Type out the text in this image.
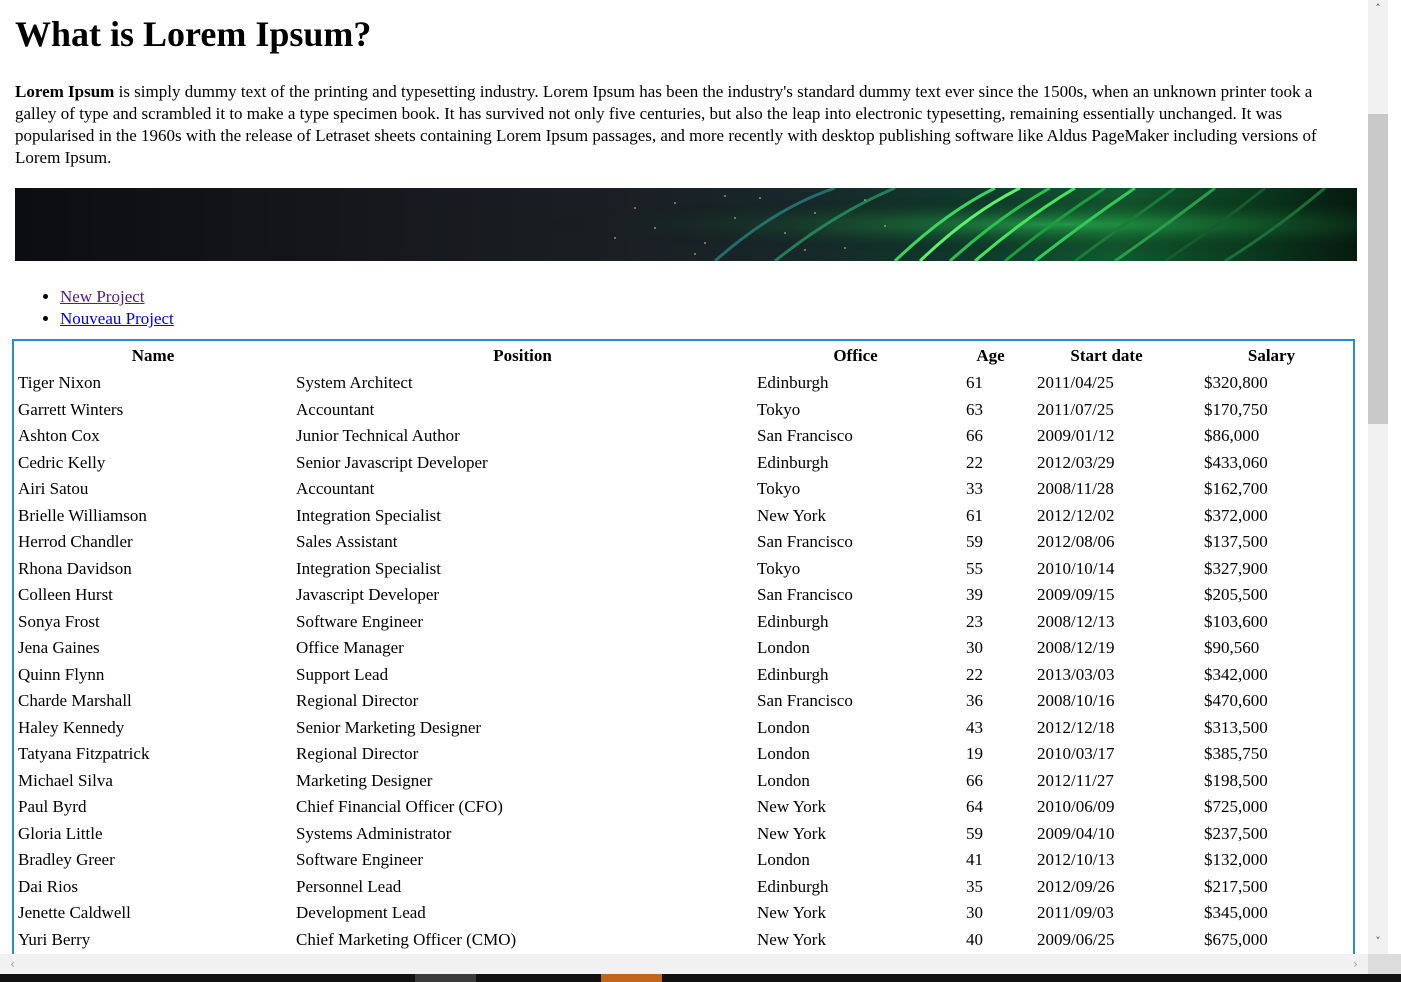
What is Lorem Ipsum?

Lorem Ipsum is simply dummy text of the printing and typesetting industry. Lorem Ipsum has been the industry's standard dummy text ever since the 1500s, when an unknown printer took a galley of type and scrambled it to make a type specimen book. It has survived not only five centuries, but also the leap into electronic typesetting, remaining essentially unchanged. It was popularised in the 1960s with the release of Letraset sheets containing Lorem Ipsum passages, and more recently with desktop publishing software like Aldus PageMaker including versions of Lorem Ipsum.

• New Project
• Nouveau Project
Name	Position	Office	Age	Start date	Salary
Tiger Nixon	System Architect	Edinburgh	61	2011/04/25	$320,800
Garrett Winters	Accountant	Tokyo	63	2011/07/25	$170,750
Ashton Cox	Junior Technical Author	San Francisco	66	2009/01/12	$86,000
Cedric Kelly	Senior Javascript Developer	Edinburgh	22	2012/03/29	$433,060
Airi Satou	Accountant	Tokyo	33	2008/11/28	$162,700
Brielle Williamson	Integration Specialist	New York	61	2012/12/02	$372,000
Herrod Chandler	Sales Assistant	San Francisco	59	2012/08/06	$137,500
Rhona Davidson	Integration Specialist	Tokyo	55	2010/10/14	$327,900
Colleen Hurst	Javascript Developer	San Francisco	39	2009/09/15	$205,500
Sonya Frost	Software Engineer	Edinburgh	23	2008/12/13	$103,600
Jena Gaines	Office Manager	London	30	2008/12/19	$90,560
Quinn Flynn	Support Lead	Edinburgh	22	2013/03/03	$342,000
Charde Marshall	Regional Director	San Francisco	36	2008/10/16	$470,600
Haley Kennedy	Senior Marketing Designer	London	43	2012/12/18	$313,500
Tatyana Fitzpatrick	Regional Director	London	19	2010/03/17	$385,750
Michael Silva	Marketing Designer	London	66	2012/11/27	$198,500
Paul Byrd	Chief Financial Officer (CFO)	New York	64	2010/06/09	$725,000
Gloria Little	Systems Administrator	New York	59	2009/04/10	$237,500
Bradley Greer	Software Engineer	London	41	2012/10/13	$132,000
Dai Rios	Personnel Lead	Edinburgh	35	2012/09/26	$217,500
Jenette Caldwell	Development Lead	New York	30	2011/09/03	$345,000
Yuri Berry	Chief Marketing Officer (CMO)	New York	40	2009/06/25	$675,000
˄
˅
‹	›
